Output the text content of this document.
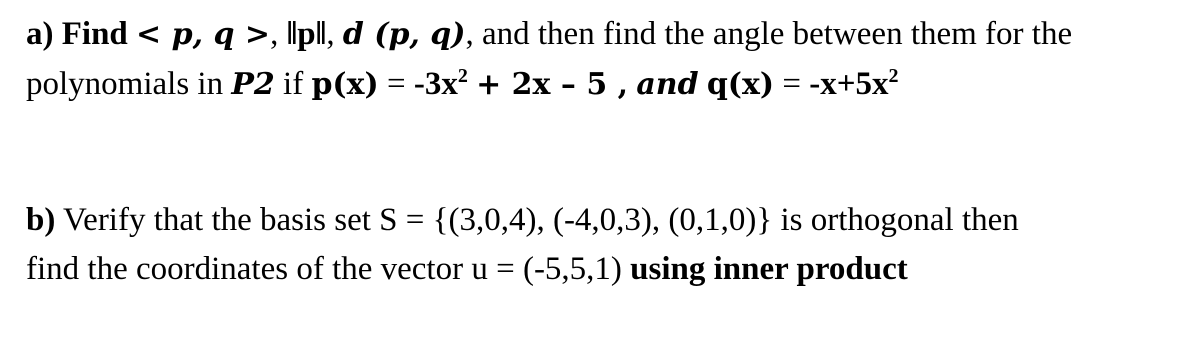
a) Find < p, q >, ‖p‖, d (p, q), and then find the angle between them for the
polynomials in P2 if $p(x) = -3x^2 + 2x - 5$ , and $q(x) = -x+5x^2$
b) Verify that the basis set S = {(3,0,4), (-4,0,3), (0,1,0)} is orthogonal then
find the coordinates of the vector u = (-5,5,1) using inner product
